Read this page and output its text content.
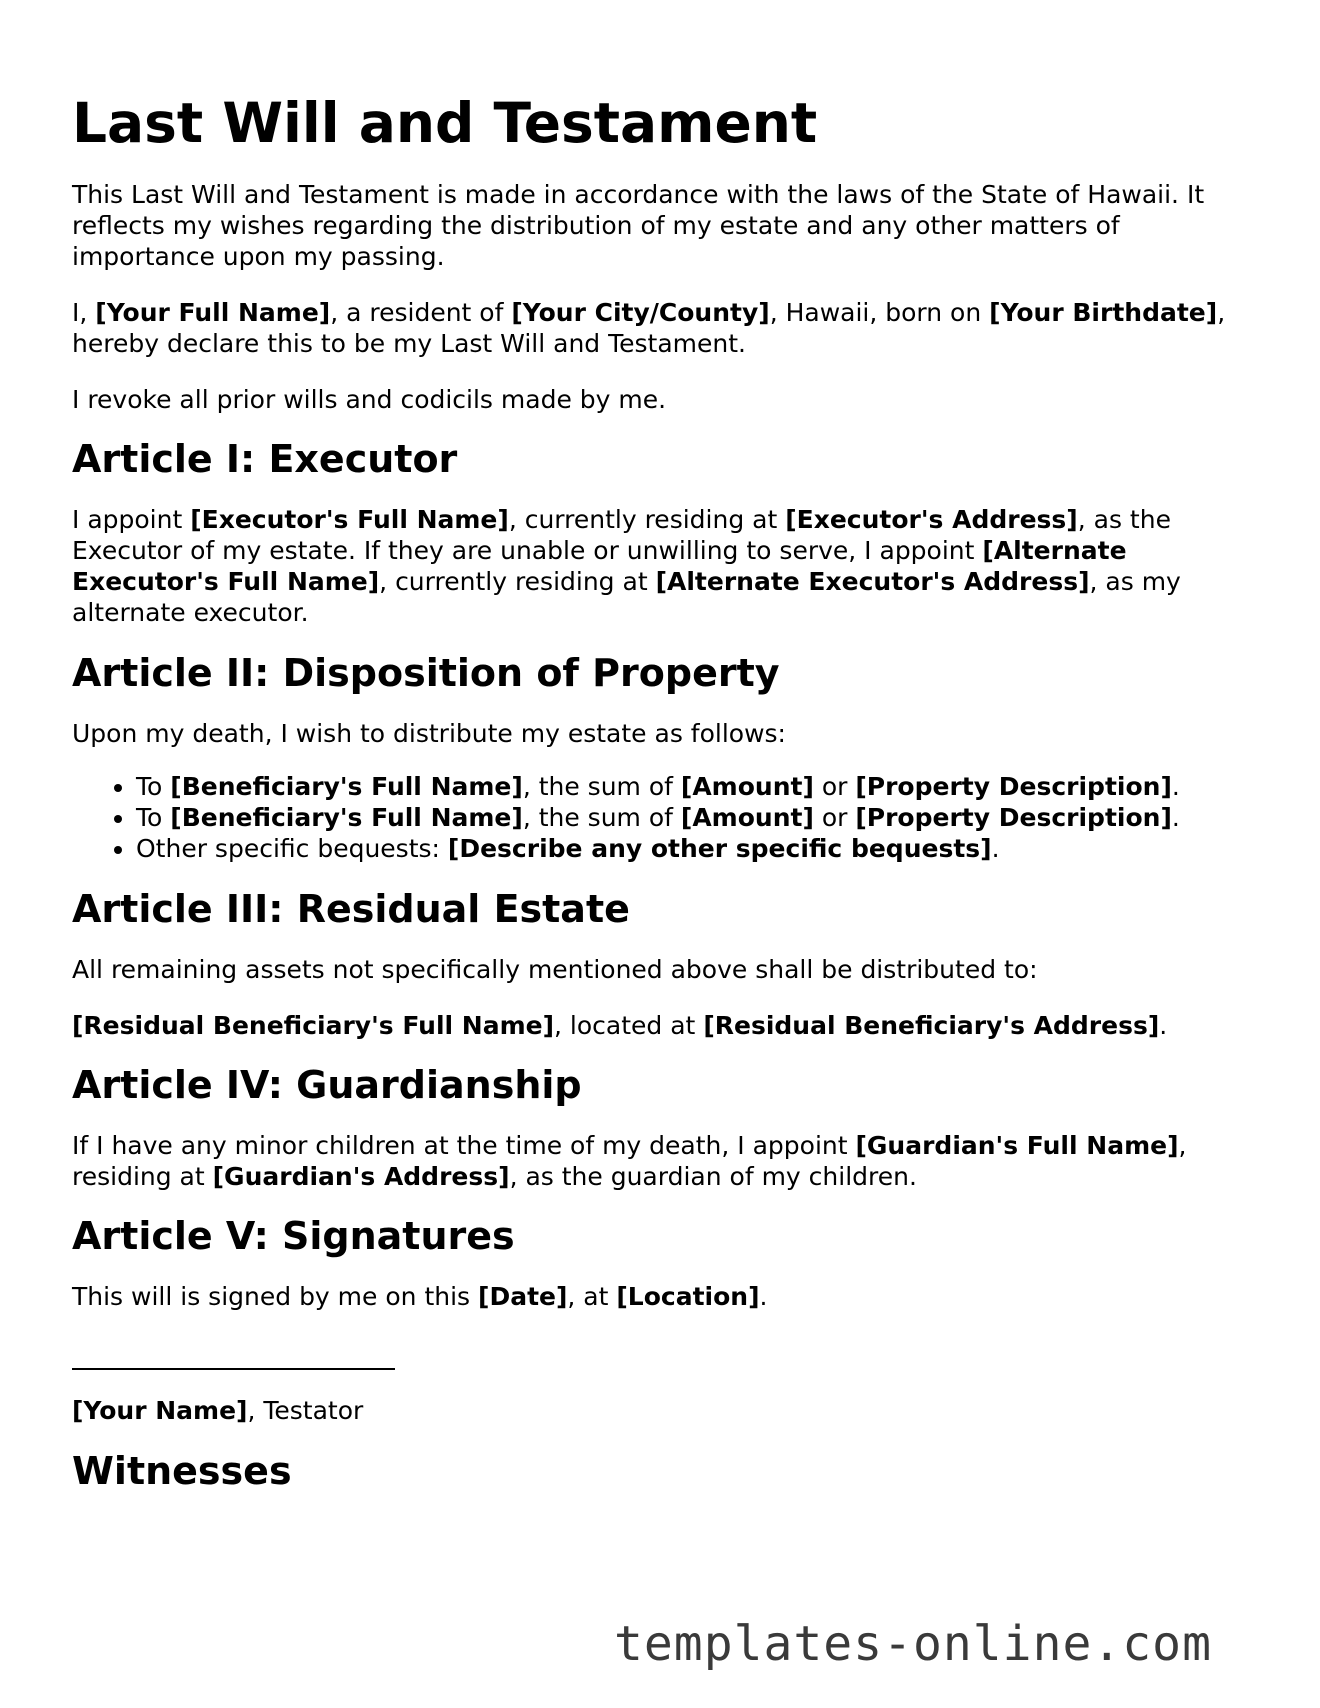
Last Will and Testament

This Last Will and Testament is made in accordance with the laws of the State of Hawaii. It reflects my wishes regarding the distribution of my estate and any other matters of importance upon my passing.

I, [Your Full Name], a resident of [Your City/County], Hawaii, born on [Your Birthdate], hereby declare this to be my Last Will and Testament.

I revoke all prior wills and codicils made by me.

Article I: Executor

I appoint [Executor's Full Name], currently residing at [Executor's Address], as the Executor of my estate. If they are unable or unwilling to serve, I appoint [Alternate Executor's Full Name], currently residing at [Alternate Executor's Address], as my alternate executor.

Article II: Disposition of Property

Upon my death, I wish to distribute my estate as follows:

• To [Beneficiary's Full Name], the sum of [Amount] or [Property Description].
• To [Beneficiary's Full Name], the sum of [Amount] or [Property Description].
• Other specific bequests: [Describe any other specific bequests].
Article III: Residual Estate

All remaining assets not specifically mentioned above shall be distributed to:

[Residual Beneficiary's Full Name], located at [Residual Beneficiary's Address].

Article IV: Guardianship

If I have any minor children at the time of my death, I appoint [Guardian's Full Name], residing at [Guardian's Address], as the guardian of my children.

Article V: Signatures

This will is signed by me on this [Date], at [Location].

[Your Name], Testator

Witnesses
templates-online.com
